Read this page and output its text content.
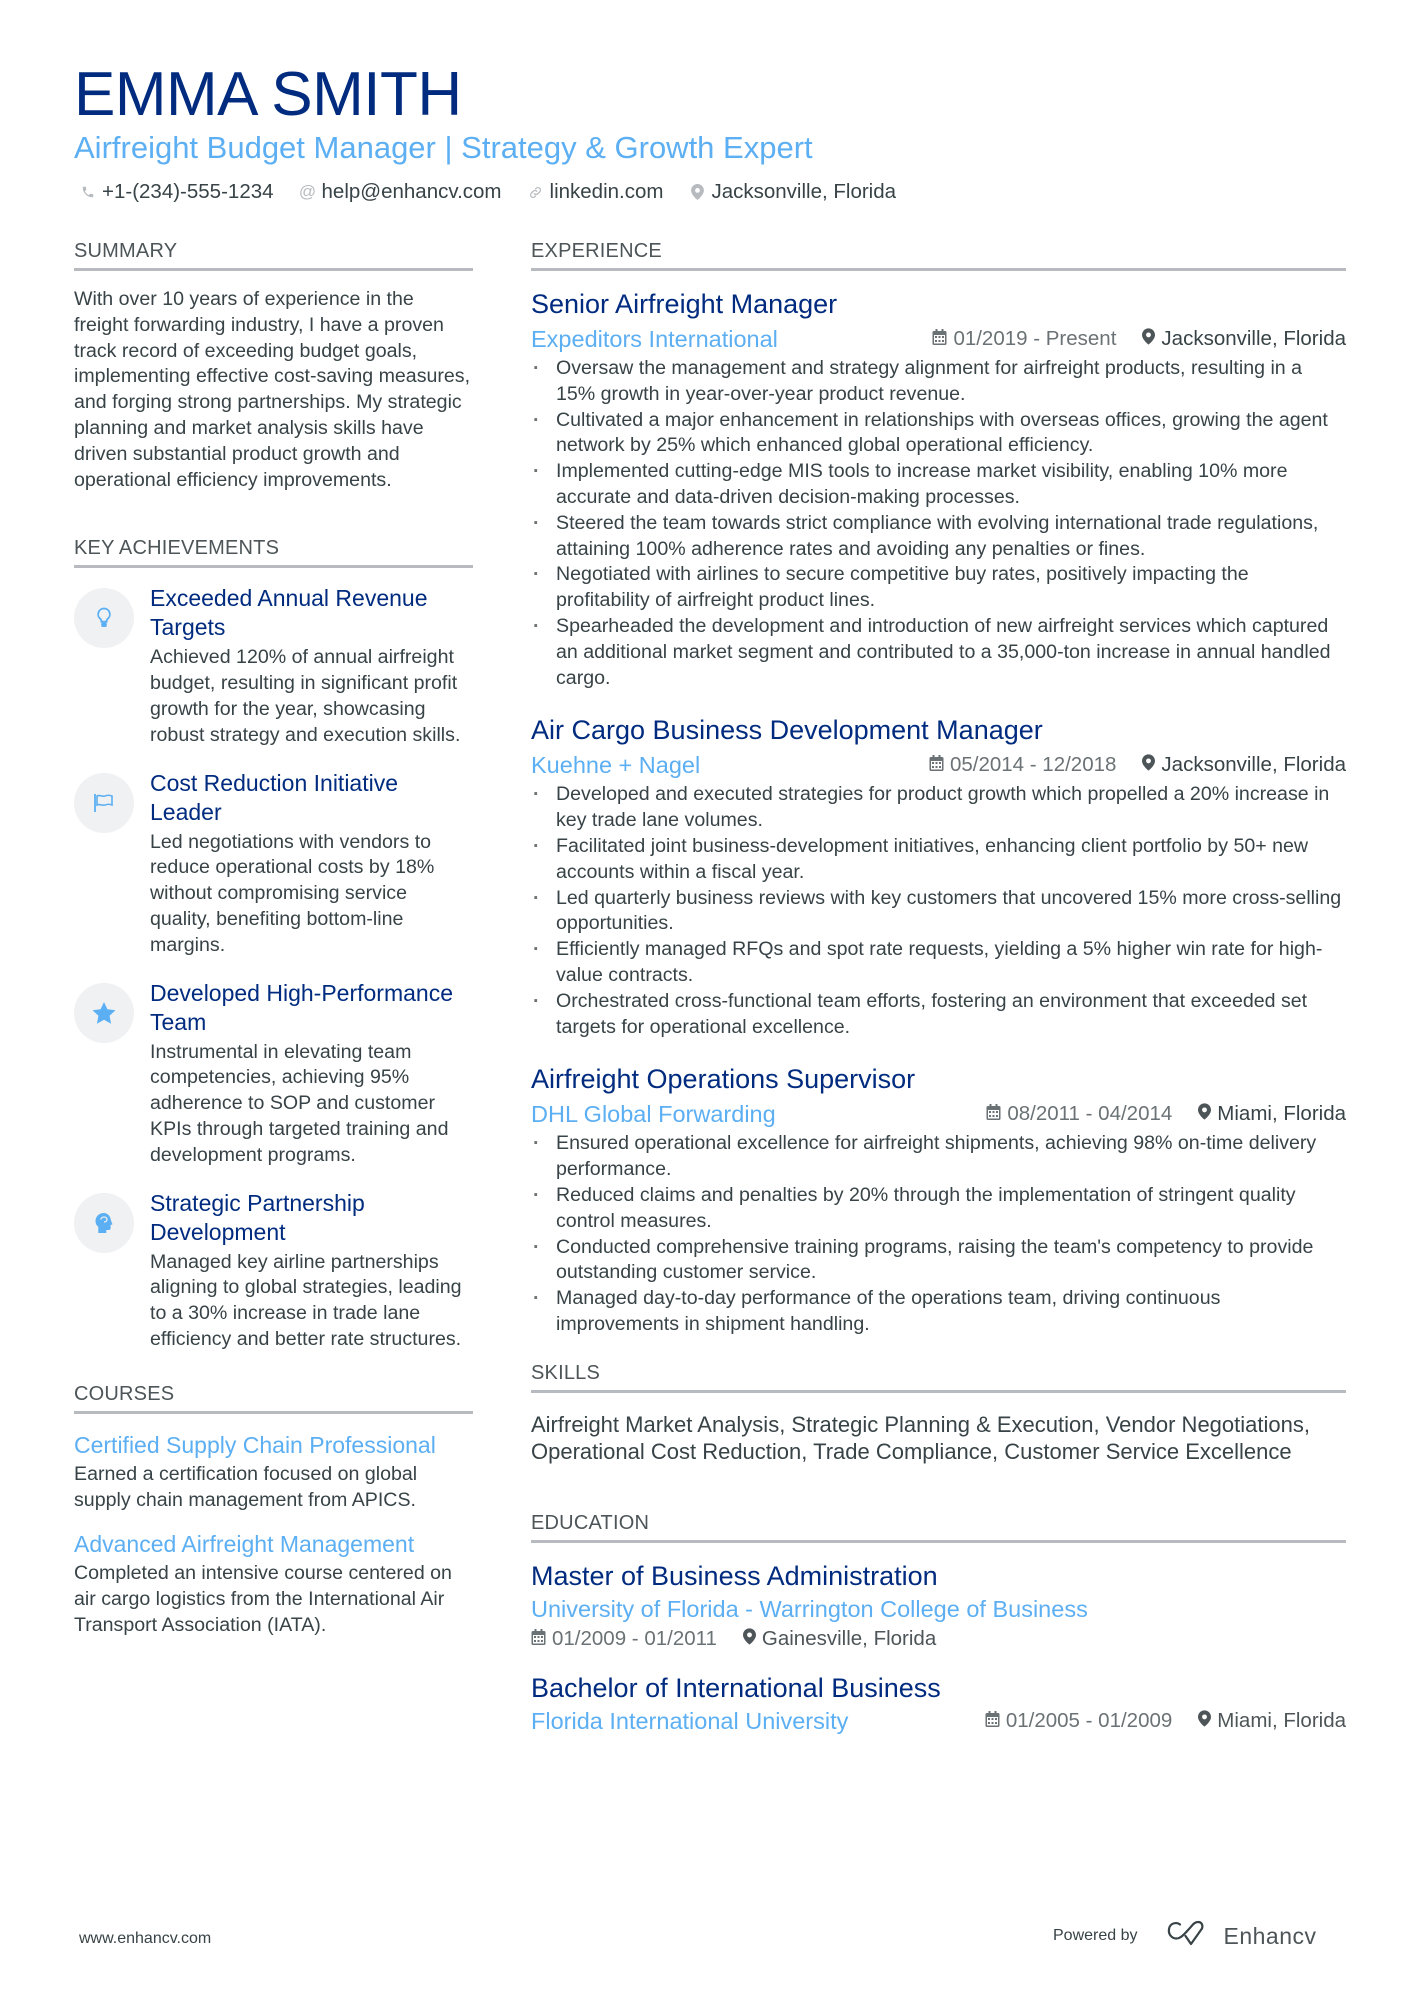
EMMA SMITH
Airfreight Budget Manager | Strategy & Growth Expert
+1-(234)-555-1234 @ help@enhancv.com linkedin.com Jacksonville, Florida
SUMMARY

With over 10 years of experience in the freight forwarding industry, I have a proven track record of exceeding budget goals, implementing effective cost-saving measures, and forging strong partnerships. My strategic planning and market analysis skills have driven substantial product growth and operational efficiency improvements.

KEY ACHIEVEMENTS
Exceeded Annual Revenue Targets

Achieved 120% of annual airfreight budget, resulting in significant profit growth for the year, showcasing robust strategy and execution skills.

Cost Reduction Initiative Leader

Led negotiations with vendors to reduce operational costs by 18% without compromising service quality, benefiting bottom-line margins.

Developed High-Performance Team

Instrumental in elevating team competencies, achieving 95% adherence to SOP and customer KPIs through targeted training and development programs.

Strategic Partnership Development

Managed key airline partnerships aligning to global strategies, leading to a 30% increase in trade lane efficiency and better rate structures.

COURSES
Certified Supply Chain Professional

Earned a certification focused on global supply chain management from APICS.

Advanced Airfreight Management

Completed an intensive course centered on air cargo logistics from the International Air Transport Association (IATA).

EXPERIENCE
Senior Airfreight Manager
Expeditors International	01/2019 - Present Jacksonville, Florida
· Oversaw the management and strategy alignment for airfreight products, resulting in a 15% growth in year-over-year product revenue.
· Cultivated a major enhancement in relationships with overseas offices, growing the agent network by 25% which enhanced global operational efficiency.
· Implemented cutting-edge MIS tools to increase market visibility, enabling 10% more accurate and data-driven decision-making processes.
· Steered the team towards strict compliance with evolving international trade regulations, attaining 100% adherence rates and avoiding any penalties or fines.
· Negotiated with airlines to secure competitive buy rates, positively impacting the profitability of airfreight product lines.
· Spearheaded the development and introduction of new airfreight services which captured an additional market segment and contributed to a 35,000-ton increase in annual handled cargo.
Air Cargo Business Development Manager
Kuehne + Nagel	05/2014 - 12/2018 Jacksonville, Florida
· Developed and executed strategies for product growth which propelled a 20% increase in key trade lane volumes.
· Facilitated joint business-development initiatives, enhancing client portfolio by 50+ new accounts within a fiscal year.
· Led quarterly business reviews with key customers that uncovered 15% more cross-selling opportunities.
· Efficiently managed RFQs and spot rate requests, yielding a 5% higher win rate for high-value contracts.
· Orchestrated cross-functional team efforts, fostering an environment that exceeded set targets for operational excellence.
Airfreight Operations Supervisor
DHL Global Forwarding	08/2011 - 04/2014 Miami, Florida
· Ensured operational excellence for airfreight shipments, achieving 98% on-time delivery performance.
· Reduced claims and penalties by 20% through the implementation of stringent quality control measures.
· Conducted comprehensive training programs, raising the team's competency to provide outstanding customer service.
· Managed day-to-day performance of the operations team, driving continuous improvements in shipment handling.
SKILLS

Airfreight Market Analysis, Strategic Planning & Execution, Vendor Negotiations, Operational Cost Reduction, Trade Compliance, Customer Service Excellence

EDUCATION
Master of Business Administration
University of Florida - Warrington College of Business
01/2009 - 01/2011 Gainesville, Florida
Bachelor of International Business
Florida International University	01/2005 - 01/2009 Miami, Florida
www.enhancv.com	Powered by	Enhancv
